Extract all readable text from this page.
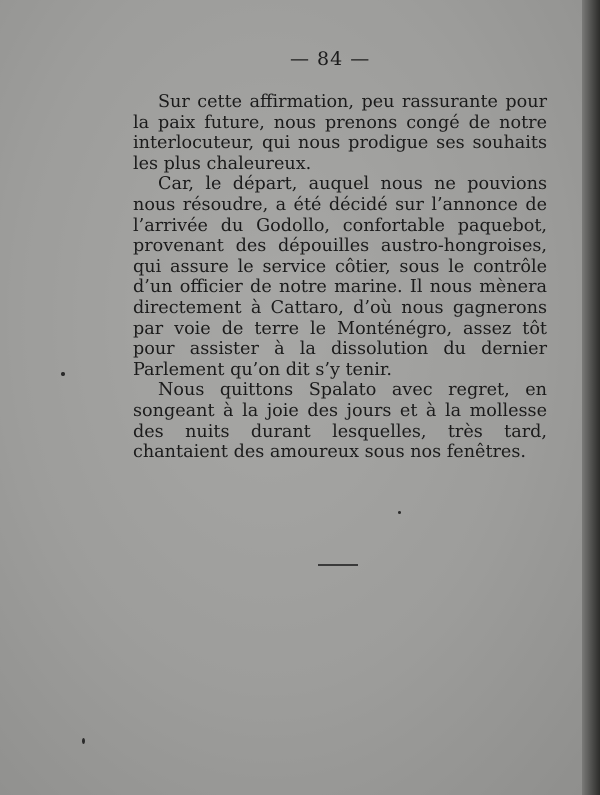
— 84 —

Sur cette affirmation, peu rassurante pour la paix future, nous prenons congé de notre interlocuteur, qui nous prodigue ses souhaits les plus chaleureux.

Car, le départ, auquel nous ne pouvions nous résoudre, a été décidé sur l’annonce de l’arrivée du Godollo, confortable paquebot, provenant des dépouilles austro-hongroises, qui assure le service côtier, sous le contrôle d’un officier de notre marine. Il nous mènera directement à Cattaro, d’où nous gagnerons par voie de terre le Monténégro, assez tôt pour assister à la dissolution du dernier Parlement qu’on dit s’y tenir.

Nous quittons Spalato avec regret, en songeant à la joie des jours et à la mollesse des nuits durant lesquelles, très tard, chantaient des amoureux sous nos fenêtres.
